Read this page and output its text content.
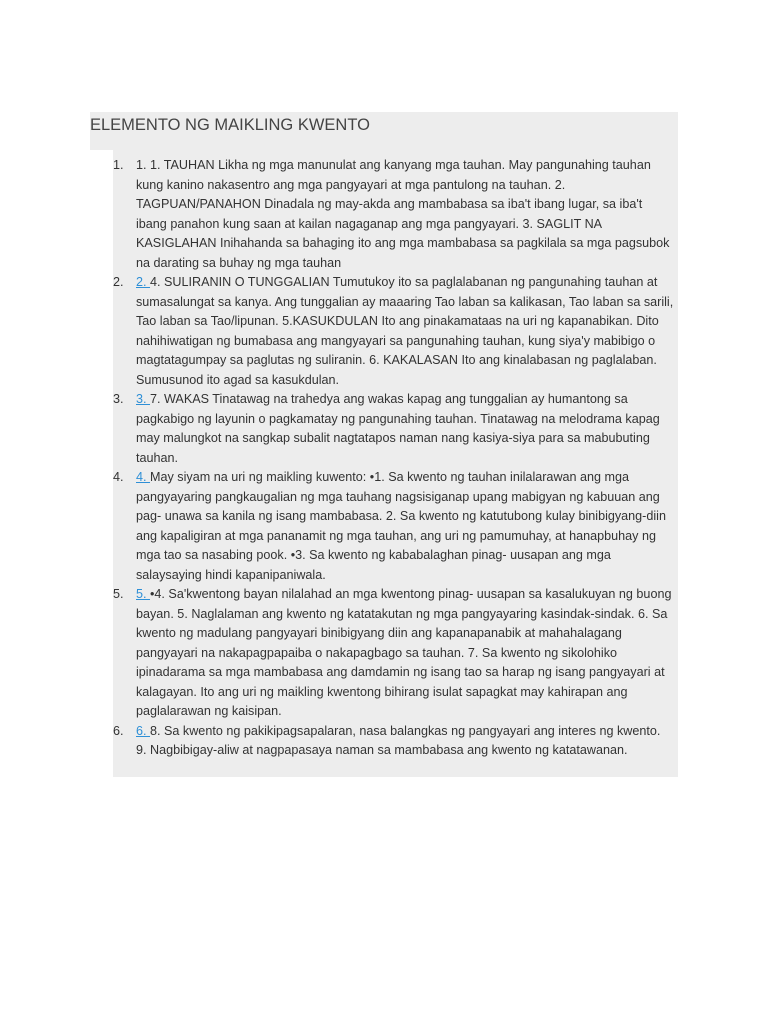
ELEMENTO NG MAIKLING KWENTO
1. 1. 1. TAUHAN Likha ng mga manunulat ang kanyang mga tauhan. May pangunahing tauhan kung kanino nakasentro ang mga pangyayari at mga pantulong na tauhan. 2. TAGPUAN/PANAHON Dinadala ng may-akda ang mambabasa sa iba't ibang lugar, sa iba't ibang panahon kung saan at kailan nagaganap ang mga pangyayari. 3. SAGLIT NA KASIGLAHAN Inihahanda sa bahaging ito ang mga mambabasa sa pagkilala sa mga pagsubok na darating sa buhay ng mga tauhan
2. 2. 4. SULIRANIN O TUNGGALIAN Tumutukoy ito sa paglalabanan ng pangunahing tauhan at sumasalungat sa kanya. Ang tunggalian ay maaaring Tao laban sa kalikasan, Tao laban sa sarili, Tao laban sa Tao/lipunan. 5.KASUKDULAN Ito ang pinakamataas na uri ng kapanabikan. Dito nahihiwatigan ng bumabasa ang mangyayari sa pangunahing tauhan, kung siya'y mabibigo o magtatagumpay sa paglutas ng suliranin. 6. KAKALASAN Ito ang kinalabasan ng paglalaban. Sumusunod ito agad sa kasukdulan.
3. 3. 7. WAKAS Tinatawag na trahedya ang wakas kapag ang tunggalian ay humantong sa pagkabigo ng layunin o pagkamatay ng pangunahing tauhan. Tinatawag na melodrama kapag may malungkot na sangkap subalit nagtatapos naman nang kasiya-siya para sa mabubuting tauhan.
4. 4. May siyam na uri ng maikling kuwento: •1. Sa kwento ng tauhan inilalarawan ang mga pangyayaring pangkaugalian ng mga tauhang nagsisiganap upang mabigyan ng kabuuan ang pag- unawa sa kanila ng isang mambabasa. 2. Sa kwento ng katutubong kulay binibigyang-diin ang kapaligiran at mga pananamit ng mga tauhan, ang uri ng pamumuhay, at hanapbuhay ng mga tao sa nasabing pook. •3. Sa kwento ng kababalaghan pinag- uusapan ang mga salaysaying hindi kapanipaniwala.
5. 5. •4. Sa'kwentong bayan nilalahad an mga kwentong pinag- uusapan sa kasalukuyan ng buong bayan. 5. Naglalaman ang kwento ng katatakutan ng mga pangyayaring kasindak-sindak. 6. Sa kwento ng madulang pangyayari binibigyang diin ang kapanapanabik at mahahalagang pangyayari na nakapagpapaiba o nakapagbago sa tauhan. 7. Sa kwento ng sikolohiko ipinadarama sa mga mambabasa ang damdamin ng isang tao sa harap ng isang pangyayari at kalagayan. Ito ang uri ng maikling kwentong bihirang isulat sapagkat may kahirapan ang paglalarawan ng kaisipan.
6. 6. 8. Sa kwento ng pakikipagsapalaran, nasa balangkas ng pangyayari ang interes ng kwento. 9. Nagbibigay-aliw at nagpapasaya naman sa mambabasa ang kwento ng katatawanan.
